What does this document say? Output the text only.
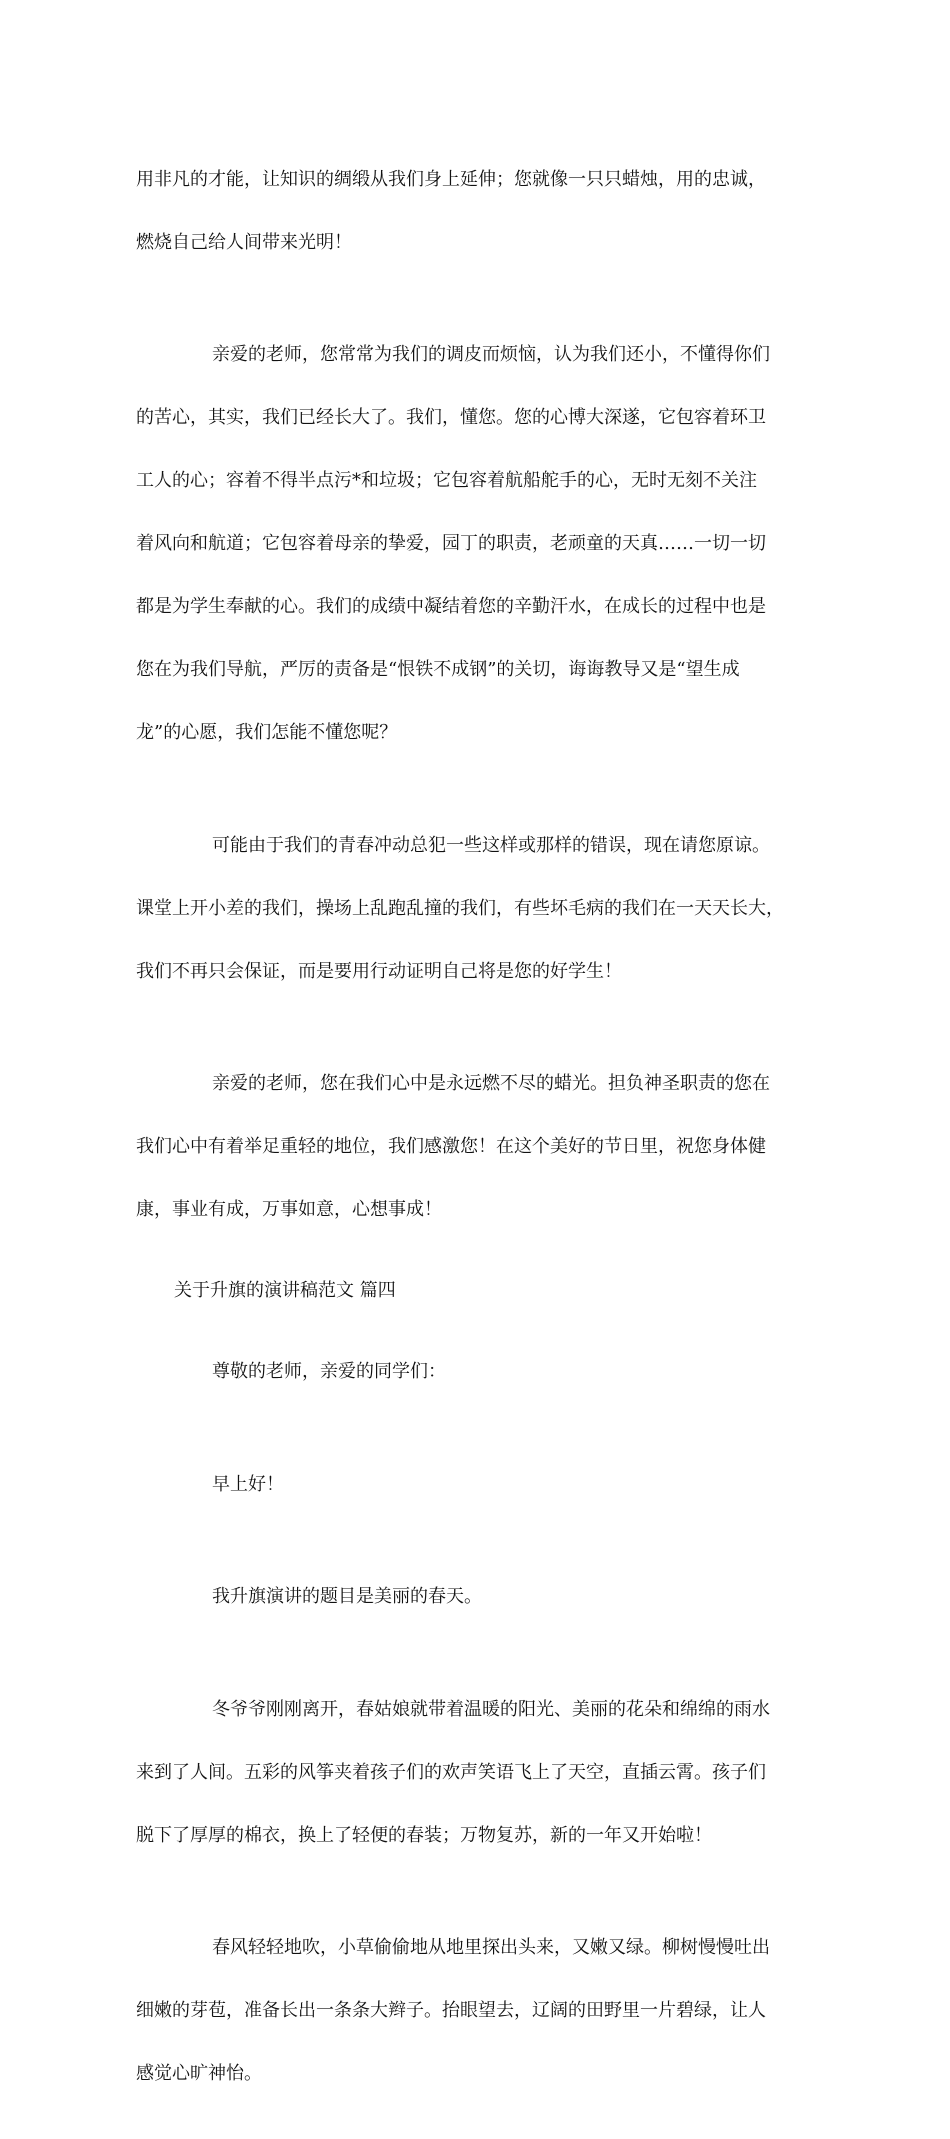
用非凡的才能，让知识的绸缎从我们身上延伸；您就像一只只蜡烛，用的忠诚，

燃烧自己给人间带来光明！

亲爱的老师，您常常为我们的调皮而烦恼，认为我们还小，不懂得你们

的苦心，其实，我们已经长大了。我们，懂您。您的心博大深遂，它包容着环卫

工人的心；容着不得半点污*和垃圾；它包容着航船舵手的心，无时无刻不关注

着风向和航道；它包容着母亲的挚爱，园丁的职责，老顽童的天真……一切一切

都是为学生奉献的心。我们的成绩中凝结着您的辛勤汗水，在成长的过程中也是

您在为我们导航，严厉的责备是“恨铁不成钢”的关切，诲诲教导又是“望生成

龙”的心愿，我们怎能不懂您呢？

可能由于我们的青春冲动总犯一些这样或那样的错误，现在请您原谅。

课堂上开小差的我们，操场上乱跑乱撞的我们，有些坏毛病的我们在一天天长大，

我们不再只会保证，而是要用行动证明自己将是您的好学生！

亲爱的老师，您在我们心中是永远燃不尽的蜡光。担负神圣职责的您在

我们心中有着举足重轻的地位，我们感激您！在这个美好的节日里，祝您身体健

康，事业有成，万事如意，心想事成！

关于升旗的演讲稿范文 篇四

尊敬的老师，亲爱的同学们：

早上好！

我升旗演讲的题目是美丽的春天。

冬爷爷刚刚离开，春姑娘就带着温暖的阳光、美丽的花朵和绵绵的雨水

来到了人间。五彩的风筝夹着孩子们的欢声笑语飞上了天空，直插云霄。孩子们

脱下了厚厚的棉衣，换上了轻便的春装；万物复苏，新的一年又开始啦！

春风轻轻地吹，小草偷偷地从地里探出头来，又嫩又绿。柳树慢慢吐出

细嫩的芽苞，准备长出一条条大辫子。抬眼望去，辽阔的田野里一片碧绿，让人

感觉心旷神怡。
